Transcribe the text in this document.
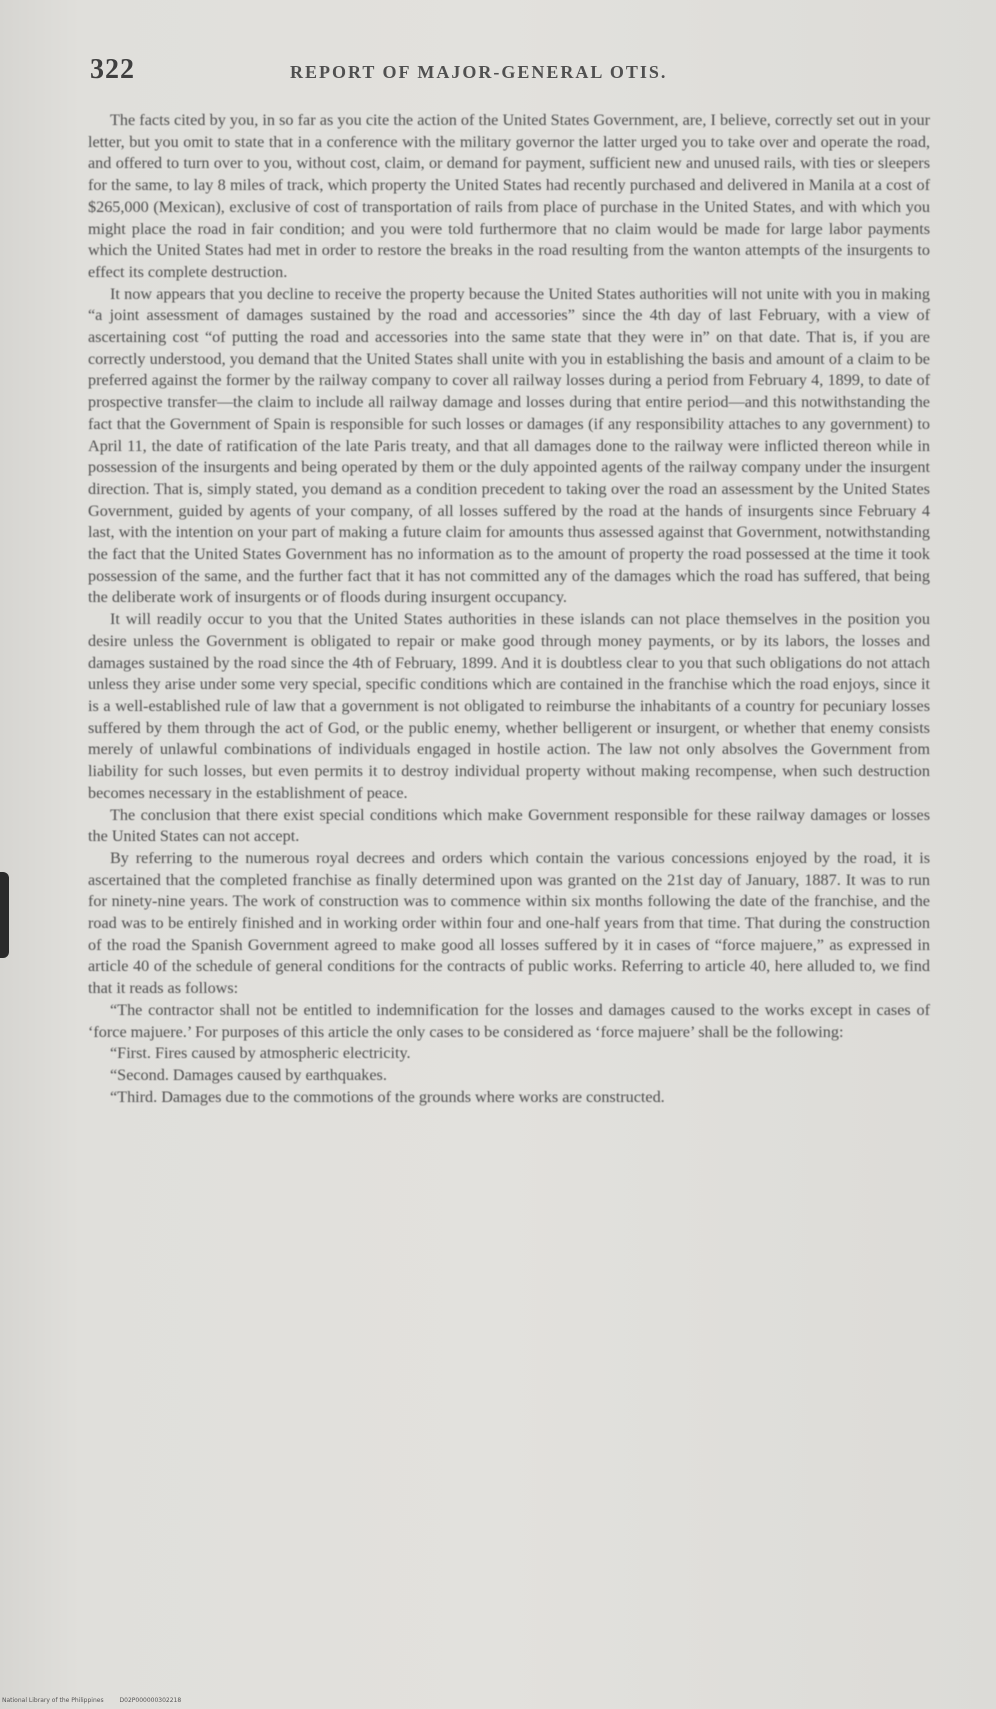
322	REPORT OF MAJOR-GENERAL OTIS.

The facts cited by you, in so far as you cite the action of the United States Government, are, I believe, correctly set out in your letter, but you omit to state that in a conference with the military governor the latter urged you to take over and operate the road, and offered to turn over to you, without cost, claim, or demand for payment, sufficient new and unused rails, with ties or sleepers for the same, to lay 8 miles of track, which property the United States had recently purchased and delivered in Manila at a cost of $265,000 (Mexican), exclusive of cost of transportation of rails from place of purchase in the United States, and with which you might place the road in fair condition; and you were told furthermore that no claim would be made for large labor payments which the United States had met in order to restore the breaks in the road resulting from the wanton attempts of the insurgents to effect its complete destruction.

It now appears that you decline to receive the property because the United States authorities will not unite with you in making “a joint assessment of damages sustained by the road and accessories” since the 4th day of last February, with a view of ascertaining cost “of putting the road and accessories into the same state that they were in” on that date. That is, if you are correctly understood, you demand that the United States shall unite with you in establishing the basis and amount of a claim to be preferred against the former by the railway company to cover all railway losses during a period from February 4, 1899, to date of prospective transfer—the claim to include all railway damage and losses during that entire period—and this notwithstanding the fact that the Government of Spain is responsible for such losses or damages (if any responsibility attaches to any government) to April 11, the date of ratification of the late Paris treaty, and that all damages done to the railway were inflicted thereon while in possession of the insurgents and being operated by them or the duly appointed agents of the railway company under the insurgent direction. That is, simply stated, you demand as a condition precedent to taking over the road an assessment by the United States Government, guided by agents of your company, of all losses suffered by the road at the hands of insurgents since February 4 last, with the intention on your part of making a future claim for amounts thus assessed against that Government, notwithstanding the fact that the United States Government has no information as to the amount of property the road possessed at the time it took possession of the same, and the further fact that it has not committed any of the damages which the road has suffered, that being the deliberate work of insurgents or of floods during insurgent occupancy.

It will readily occur to you that the United States authorities in these islands can not place themselves in the position you desire unless the Government is obligated to repair or make good through money payments, or by its labors, the losses and damages sustained by the road since the 4th of February, 1899. And it is doubtless clear to you that such obligations do not attach unless they arise under some very special, specific conditions which are contained in the franchise which the road enjoys, since it is a well-established rule of law that a government is not obligated to reimburse the inhabitants of a country for pecuniary losses suffered by them through the act of God, or the public enemy, whether belligerent or insurgent, or whether that enemy consists merely of unlawful combinations of individuals engaged in hostile action. The law not only absolves the Government from liability for such losses, but even permits it to destroy individual property without making recompense, when such destruction becomes necessary in the establishment of peace.

The conclusion that there exist special conditions which make Government responsible for these railway damages or losses the United States can not accept.

By referring to the numerous royal decrees and orders which contain the various concessions enjoyed by the road, it is ascertained that the completed franchise as finally determined upon was granted on the 21st day of January, 1887. It was to run for ninety-nine years. The work of construction was to commence within six months following the date of the franchise, and the road was to be entirely finished and in working order within four and one-half years from that time. That during the construction of the road the Spanish Government agreed to make good all losses suffered by it in cases of “force majuere,” as expressed in article 40 of the schedule of general conditions for the contracts of public works. Referring to article 40, here alluded to, we find that it reads as follows:

“The contractor shall not be entitled to indemnification for the losses and damages caused to the works except in cases of ‘force majuere.’ For purposes of this article the only cases to be considered as ‘force majuere’ shall be the following:

“First. Fires caused by atmospheric electricity.

“Second. Damages caused by earthquakes.

“Third. Damages due to the commotions of the grounds where works are constructed.

National Library of the Philippines	D02P000000302218
